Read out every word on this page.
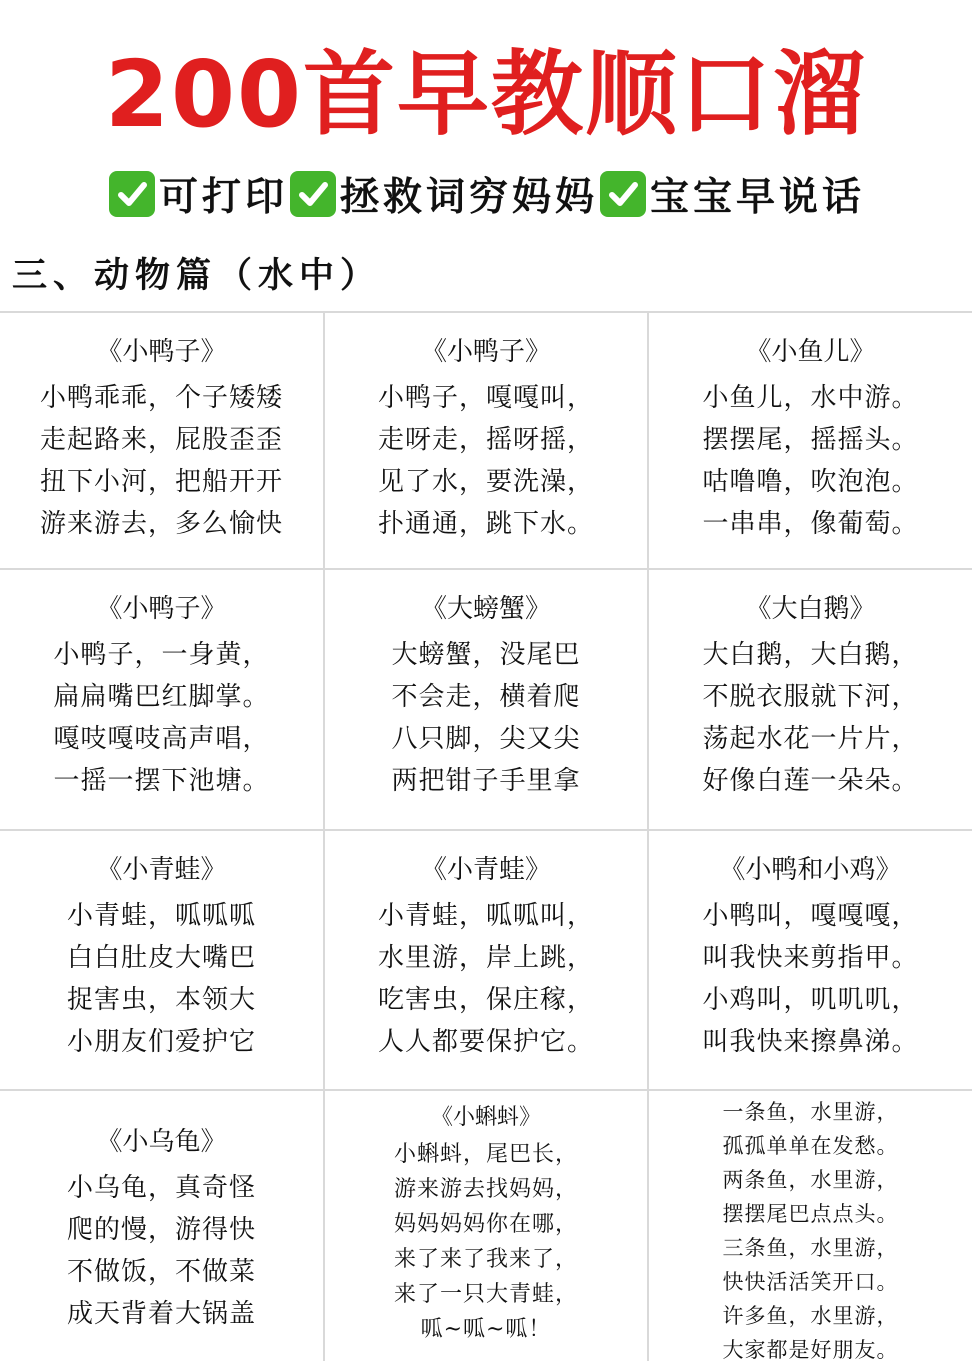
200首早教顺口溜
可打印 拯救词穷妈妈 宝宝早说话
三、动物篇（水中）
《小鸭子》
小鸭乖乖，个子矮矮
走起路来，屁股歪歪
扭下小河，把船开开
游来游去，多么愉快
《小鸭子》
小鸭子，嘎嘎叫，
走呀走，摇呀摇，
见了水，要洗澡，
扑通通，跳下水。
《小鱼儿》
小鱼儿，水中游。
摆摆尾，摇摇头。
咕噜噜，吹泡泡。
一串串，像葡萄。
《小鸭子》
小鸭子，一身黄，
扁扁嘴巴红脚掌。
嘎吱嘎吱高声唱，
一摇一摆下池塘。
《大螃蟹》
大螃蟹，没尾巴
不会走，横着爬
八只脚，尖又尖
两把钳子手里拿
《大白鹅》
大白鹅，大白鹅，
不脱衣服就下河，
荡起水花一片片，
好像白莲一朵朵。
《小青蛙》
小青蛙，呱呱呱
白白肚皮大嘴巴
捉害虫，本领大
小朋友们爱护它
《小青蛙》
小青蛙，呱呱叫，
水里游，岸上跳，
吃害虫，保庄稼，
人人都要保护它。
《小鸭和小鸡》
小鸭叫，嘎嘎嘎，
叫我快来剪指甲。
小鸡叫，叽叽叽，
叫我快来擦鼻涕。
《小乌龟》
小乌龟，真奇怪
爬的慢，游得快
不做饭，不做菜
成天背着大锅盖
《小蝌蚪》
小蝌蚪，尾巴长，
游来游去找妈妈，
妈妈妈妈你在哪，
来了来了我来了，
来了一只大青蛙，
呱~呱~呱！
一条鱼，水里游，
孤孤单单在发愁。
两条鱼，水里游，
摆摆尾巴点点头。
三条鱼，水里游，
快快活活笑开口。
许多鱼，水里游，
大家都是好朋友。
